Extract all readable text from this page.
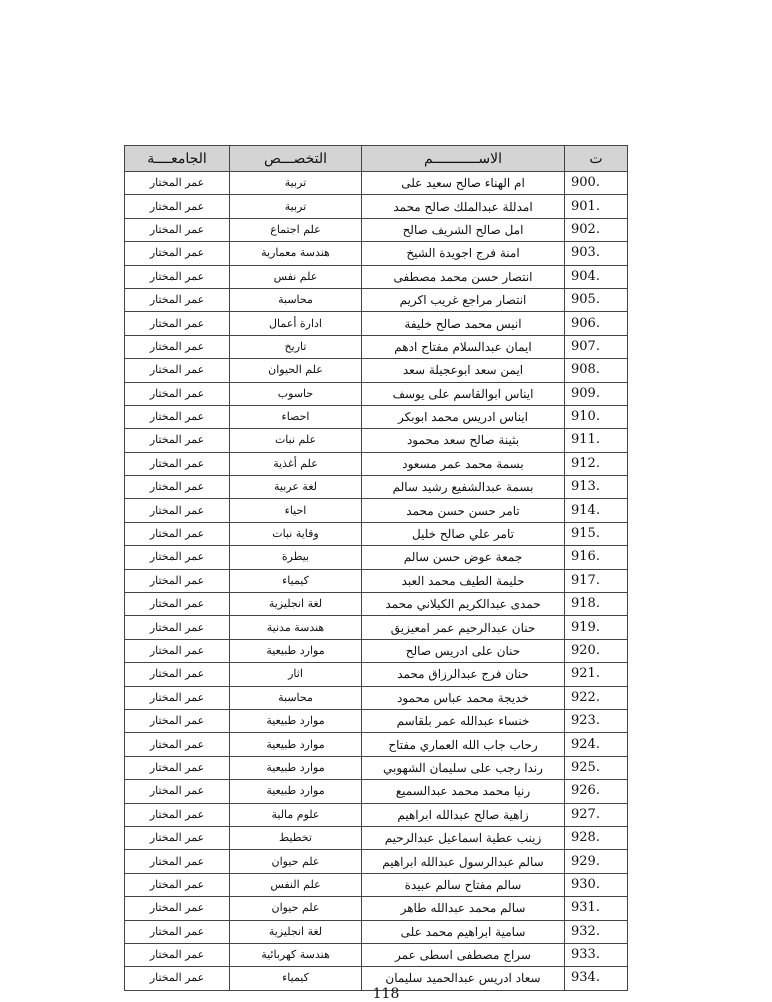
ت	الاســـــــــــم	التخصـــص	الجامعــــة
900.	ام الهناء صالح سعيد على	تربية	عمر المختار
901.	امدللة عبدالملك صالح محمد	تربية	عمر المختار
902.	امل صالح الشريف صالح	علم اجتماع	عمر المختار
903.	امنة فرج اجويدة الشيخ	هندسة معمارية	عمر المختار
904.	انتصار حسن محمد مصطفى	علم نفس	عمر المختار
905.	انتصار مراجع غريب اكريم	محاسبة	عمر المختار
906.	انيس محمد صالح خليفة	ادارة أعمال	عمر المختار
907.	ايمان عبدالسلام مفتاح ادهم	تاريخ	عمر المختار
908.	ايمن سعد ابوعجيلة سعد	علم الحيوان	عمر المختار
909.	ايناس ابوالقاسم على يوسف	حاسوب	عمر المختار
910.	ايناس ادريس محمد ابوبكر	احصاء	عمر المختار
911.	بثينة صالح سعد محمود	علم نبات	عمر المختار
912.	بسمة محمد عمر مسعود	علم أغذية	عمر المختار
913.	بسمة عبدالشفيع رشيد سالم	لغة عربية	عمر المختار
914.	تامر حسن حسن محمد	احياء	عمر المختار
915.	تامر علي صالح خليل	وقاية نبات	عمر المختار
916.	جمعة عوض حسن سالم	بيطرة	عمر المختار
917.	حليمة الطيف محمد العبد	كيمياء	عمر المختار
918.	حمدى عبدالكريم الكيلاني محمد	لغة انجليزية	عمر المختار
919.	حنان عبدالرحيم عمر امعيزيق	هندسة مدنية	عمر المختار
920.	حنان على ادريس صالح	موارد طبيعية	عمر المختار
921.	حنان فرج عبدالرزاق محمد	اثار	عمر المختار
922.	خديجة محمد عباس محمود	محاسبة	عمر المختار
923.	خنساء عبدالله عمر بلقاسم	موارد طبيعية	عمر المختار
924.	رحاب جاب الله العماري مفتاح	موارد طبيعية	عمر المختار
925.	رندا رجب على سليمان الشهوبي	موارد طبيعية	عمر المختار
926.	رنيا محمد محمد عبدالسميع	موارد طبيعية	عمر المختار
927.	زاهية صالح عبدالله ابراهيم	علوم مالية	عمر المختار
928.	زينب عطية اسماعيل عبدالرحيم	تخطيط	عمر المختار
929.	سالم عبدالرسول عبدالله ابراهيم	علم حيوان	عمر المختار
930.	سالم مفتاح سالم عبيدة	علم النفس	عمر المختار
931.	سالم محمد عبدالله طاهر	علم حيوان	عمر المختار
932.	سامية ابراهيم محمد على	لغة انجليزية	عمر المختار
933.	سراج مصطفى اسطى عمر	هندسة كهربائية	عمر المختار
934.	سعاد ادريس عبدالحميد سليمان	كيمياء	عمر المختار
118
